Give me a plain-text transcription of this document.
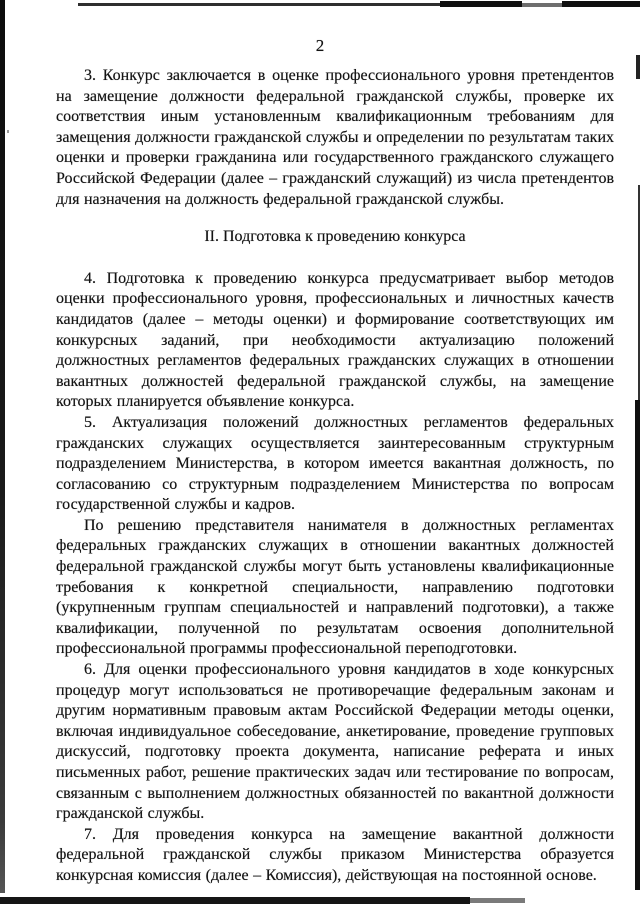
2

3. Конкурс заключается в оценке профессионального уровня претендентов на замещение должности федеральной гражданской службы, проверке их соответствия иным установленным квалификационным требованиям для замещения должности гражданской службы и определении по результатам таких оценки и проверки гражданина или государственного гражданского служащего Российской Федерации (далее – гражданский служащий) из числа претендентов для назначения на должность федеральной гражданской службы.

II. Подготовка к проведению конкурса

4. Подготовка к проведению конкурса предусматривает выбор методов оценки профессионального уровня, профессиональных и личностных качеств кандидатов (далее – методы оценки) и формирование соответствующих им конкурсных заданий, при необходимости актуализацию положений должностных регламентов федеральных гражданских служащих в отношении вакантных должностей федеральной гражданской службы, на замещение которых планируется объявление конкурса.

5. Актуализация положений должностных регламентов федеральных гражданских служащих осуществляется заинтересованным структурным подразделением Министерства, в котором имеется вакантная должность, по согласованию со структурным подразделением Министерства по вопросам государственной службы и кадров.

По решению представителя нанимателя в должностных регламентах федеральных гражданских служащих в отношении вакантных должностей федеральной гражданской службы могут быть установлены квалификационные требования к конкретной специальности, направлению подготовки (укрупненным группам специальностей и направлений подготовки), а также квалификации, полученной по результатам освоения дополнительной профессиональной программы профессиональной переподготовки.

6. Для оценки профессионального уровня кандидатов в ходе конкурсных процедур могут использоваться не противоречащие федеральным законам и другим нормативным правовым актам Российской Федерации методы оценки, включая индивидуальное собеседование, анкетирование, проведение групповых дискуссий, подготовку проекта документа, написание реферата и иных письменных работ, решение практических задач или тестирование по вопросам, связанным с выполнением должностных обязанностей по вакантной должности гражданской службы.

7. Для проведения конкурса на замещение вакантной должности федеральной гражданской службы приказом Министерства образуется конкурсная комиссия (далее – Комиссия), действующая на постоянной основе.
